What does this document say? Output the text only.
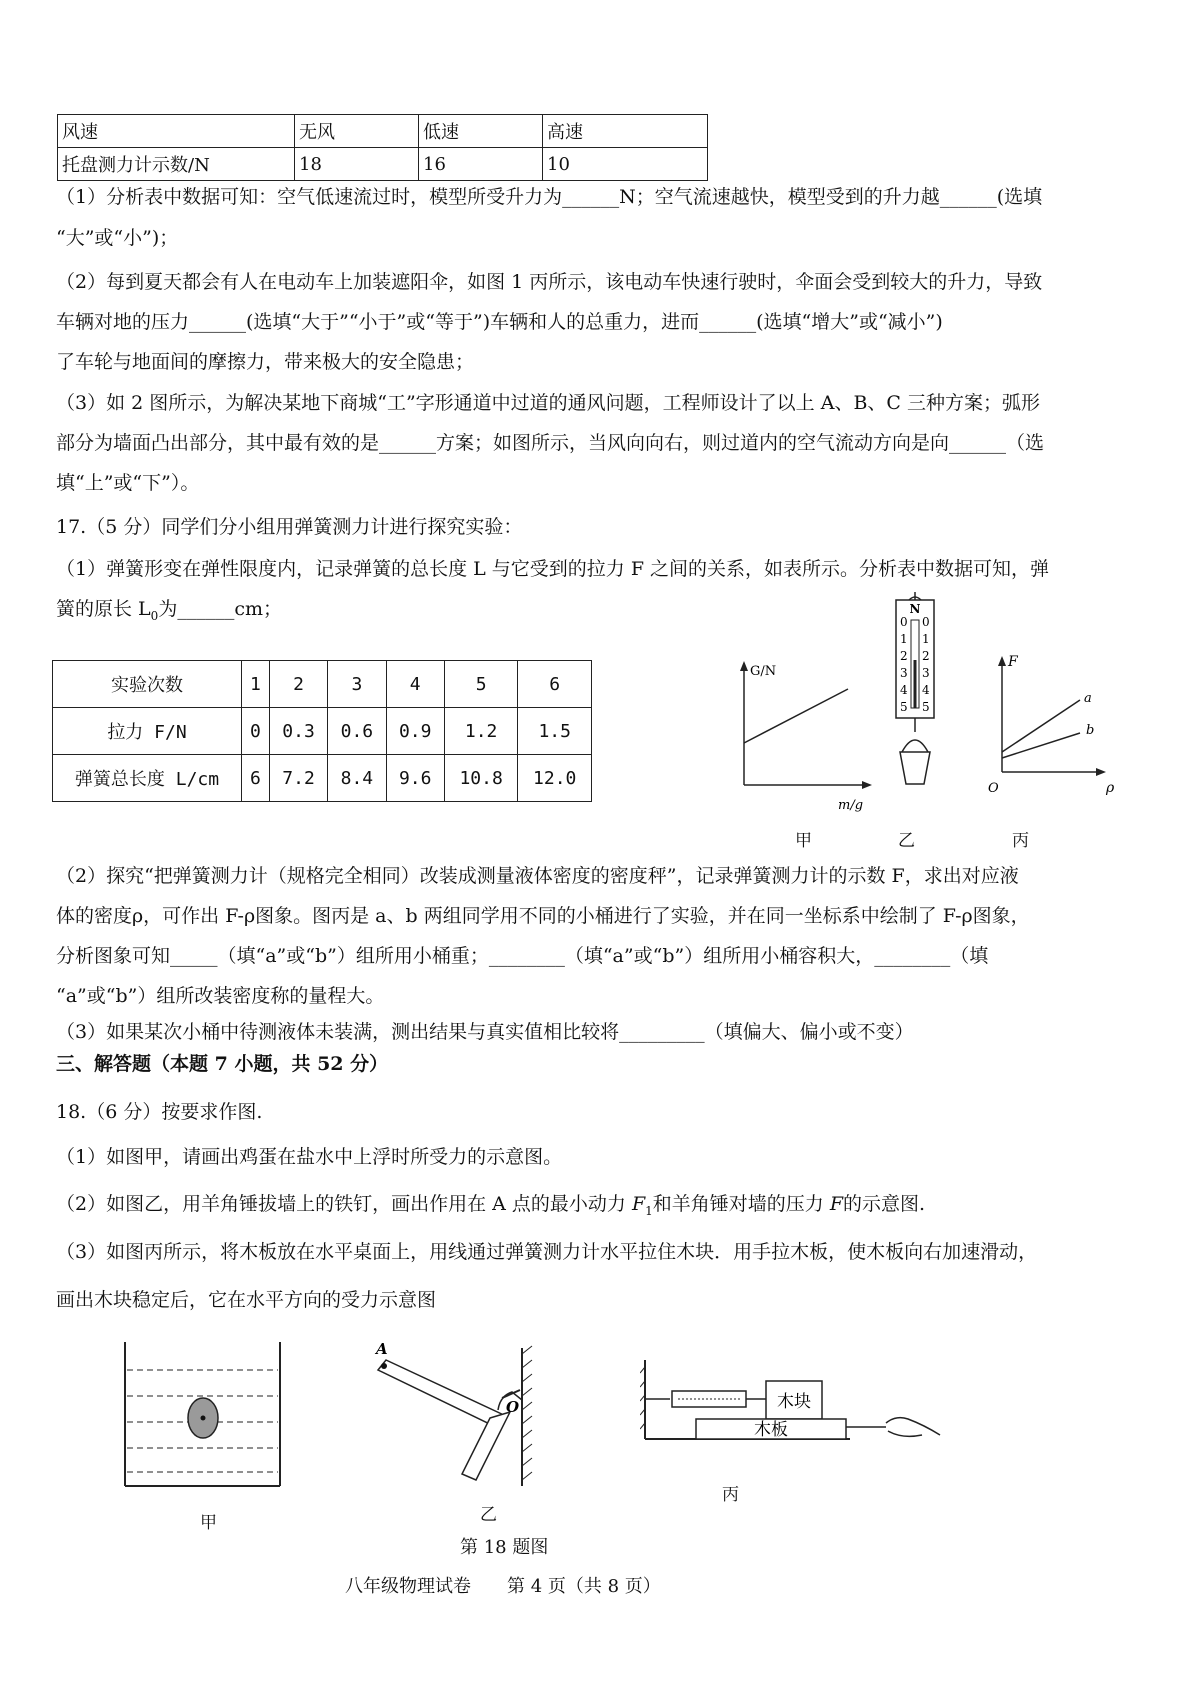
风速	无风	低速	高速
托盘测力计示数/N	18	16	10
（1）分析表中数据可知：空气低速流过时，模型所受升力为______N；空气流速越快，模型受到的升力越______(选填
“大”或“小”)；
（2）每到夏天都会有人在电动车上加装遮阳伞，如图 1 丙所示，该电动车快速行驶时，伞面会受到较大的升力，导致
车辆对地的压力______(选填“大于”“小于”或“等于”)车辆和人的总重力，进而______(选填“增大”或“减小”)
了车轮与地面间的摩擦力，带来极大的安全隐患；
（3）如 2 图所示，为解决某地下商城“工”字形通道中过道的通风问题，工程师设计了以上 A、B、C 三种方案；弧形
部分为墙面凸出部分，其中最有效的是______方案；如图所示，当风向向右，则过道内的空气流动方向是向______（选
填“上”或“下”）。
17.（5 分）同学们分小组用弹簧测力计进行探究实验：
（1）弹簧形变在弹性限度内，记录弹簧的总长度 L 与它受到的拉力 F 之间的关系，如表所示。分析表中数据可知，弹
簧的原长 $L_0$为______cm；
实验次数	1	2	3	4	5	6
拉力 F/N	0	0.3	0.6	0.9	1.2	1.5
弹簧总长度 L/cm	6	7.2	8.4	9.6	10.8	12.0
G/N
m/g
N
0 0
1 1
2 2
3 3
4 4
5 5
F
O	ρ
a
b
甲	乙	丙
（2）探究“把弹簧测力计（规格完全相同）改装成测量液体密度的密度秤”，记录弹簧测力计的示数 F，求出对应液
体的密度ρ，可作出 F-ρ图象。图丙是 a、b 两组同学用不同的小桶进行了实验，并在同一坐标系中绘制了 F-ρ图象，
分析图象可知_____（填“a”或“b”）组所用小桶重；________（填“a”或“b”）组所用小桶容积大，________（填
“a”或“b”）组所改装密度称的量程大。
（3）如果某次小桶中待测液体未装满，测出结果与真实值相比较将_________（填偏大、偏小或不变）
三、解答题（本题 7 小题，共 52 分）
18.（6 分）按要求作图.
（1）如图甲，请画出鸡蛋在盐水中上浮时所受力的示意图。
（2）如图乙，用羊角锤拔墙上的铁钉，画出作用在 A 点的最小动力 $F_1$和羊角锤对墙的压力 F的示意图.
（3）如图丙所示，将木板放在水平桌面上，用线通过弹簧测力计水平拉住木块．用手拉木板，使木板向右加速滑动，
画出木块稳定后，它在水平方向的受力示意图
甲
A
O
乙
木块
木板
丙
第 18 题图
八年级物理试卷　　第 4 页（共 8 页）
